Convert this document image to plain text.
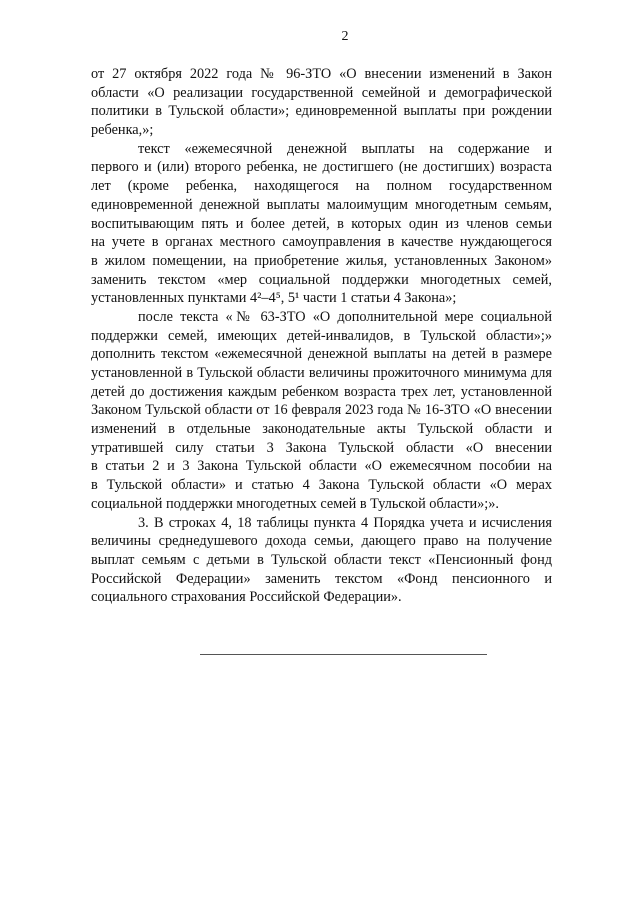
2
от 27 октября 2022 года № 96-ЗТО «О внесении изменений в Закон
области «О реализации государственной семейной и демографической
политики в Тульской области»; единовременной выплаты при рождении
ребенка,»;
текст «ежемесячной денежной выплаты на содержание и
первого и (или) второго ребенка, не достигшего (не достигших) возраста
лет (кроме ребенка, находящегося на полном государственном
единовременной денежной выплаты малоимущим многодетным семьям,
воспитывающим пять и более детей, в которых один из членов семьи
на учете в органах местного самоуправления в качестве нуждающегося
в жилом помещении, на приобретение жилья, установленных Законом»
заменить текстом «мер социальной поддержки многодетных семей,
установленных пунктами 4²–4⁵, 5¹ части 1 статьи 4 Закона»;
после текста «№ 63-ЗТО «О дополнительной мере социальной
поддержки семей, имеющих детей-инвалидов, в Тульской области»;»
дополнить текстом «ежемесячной денежной выплаты на детей в размере
установленной в Тульской области величины прожиточного минимума для
детей до достижения каждым ребенком возраста трех лет, установленной
Законом Тульской области от 16 февраля 2023 года № 16-ЗТО «О внесении
изменений в отдельные законодательные акты Тульской области и
утратившей силу статьи 3 Закона Тульской области «О внесении
в статьи 2 и 3 Закона Тульской области «О ежемесячном пособии на
в Тульской области» и статью 4 Закона Тульской области «О мерах
социальной поддержки многодетных семей в Тульской области»;».
3. В строках 4, 18 таблицы пункта 4 Порядка учета и исчисления
величины среднедушевого дохода семьи, дающего право на получение
выплат семьям с детьми в Тульской области текст «Пенсионный фонд
Российской Федерации» заменить текстом «Фонд пенсионного и
социального страхования Российской Федерации».
